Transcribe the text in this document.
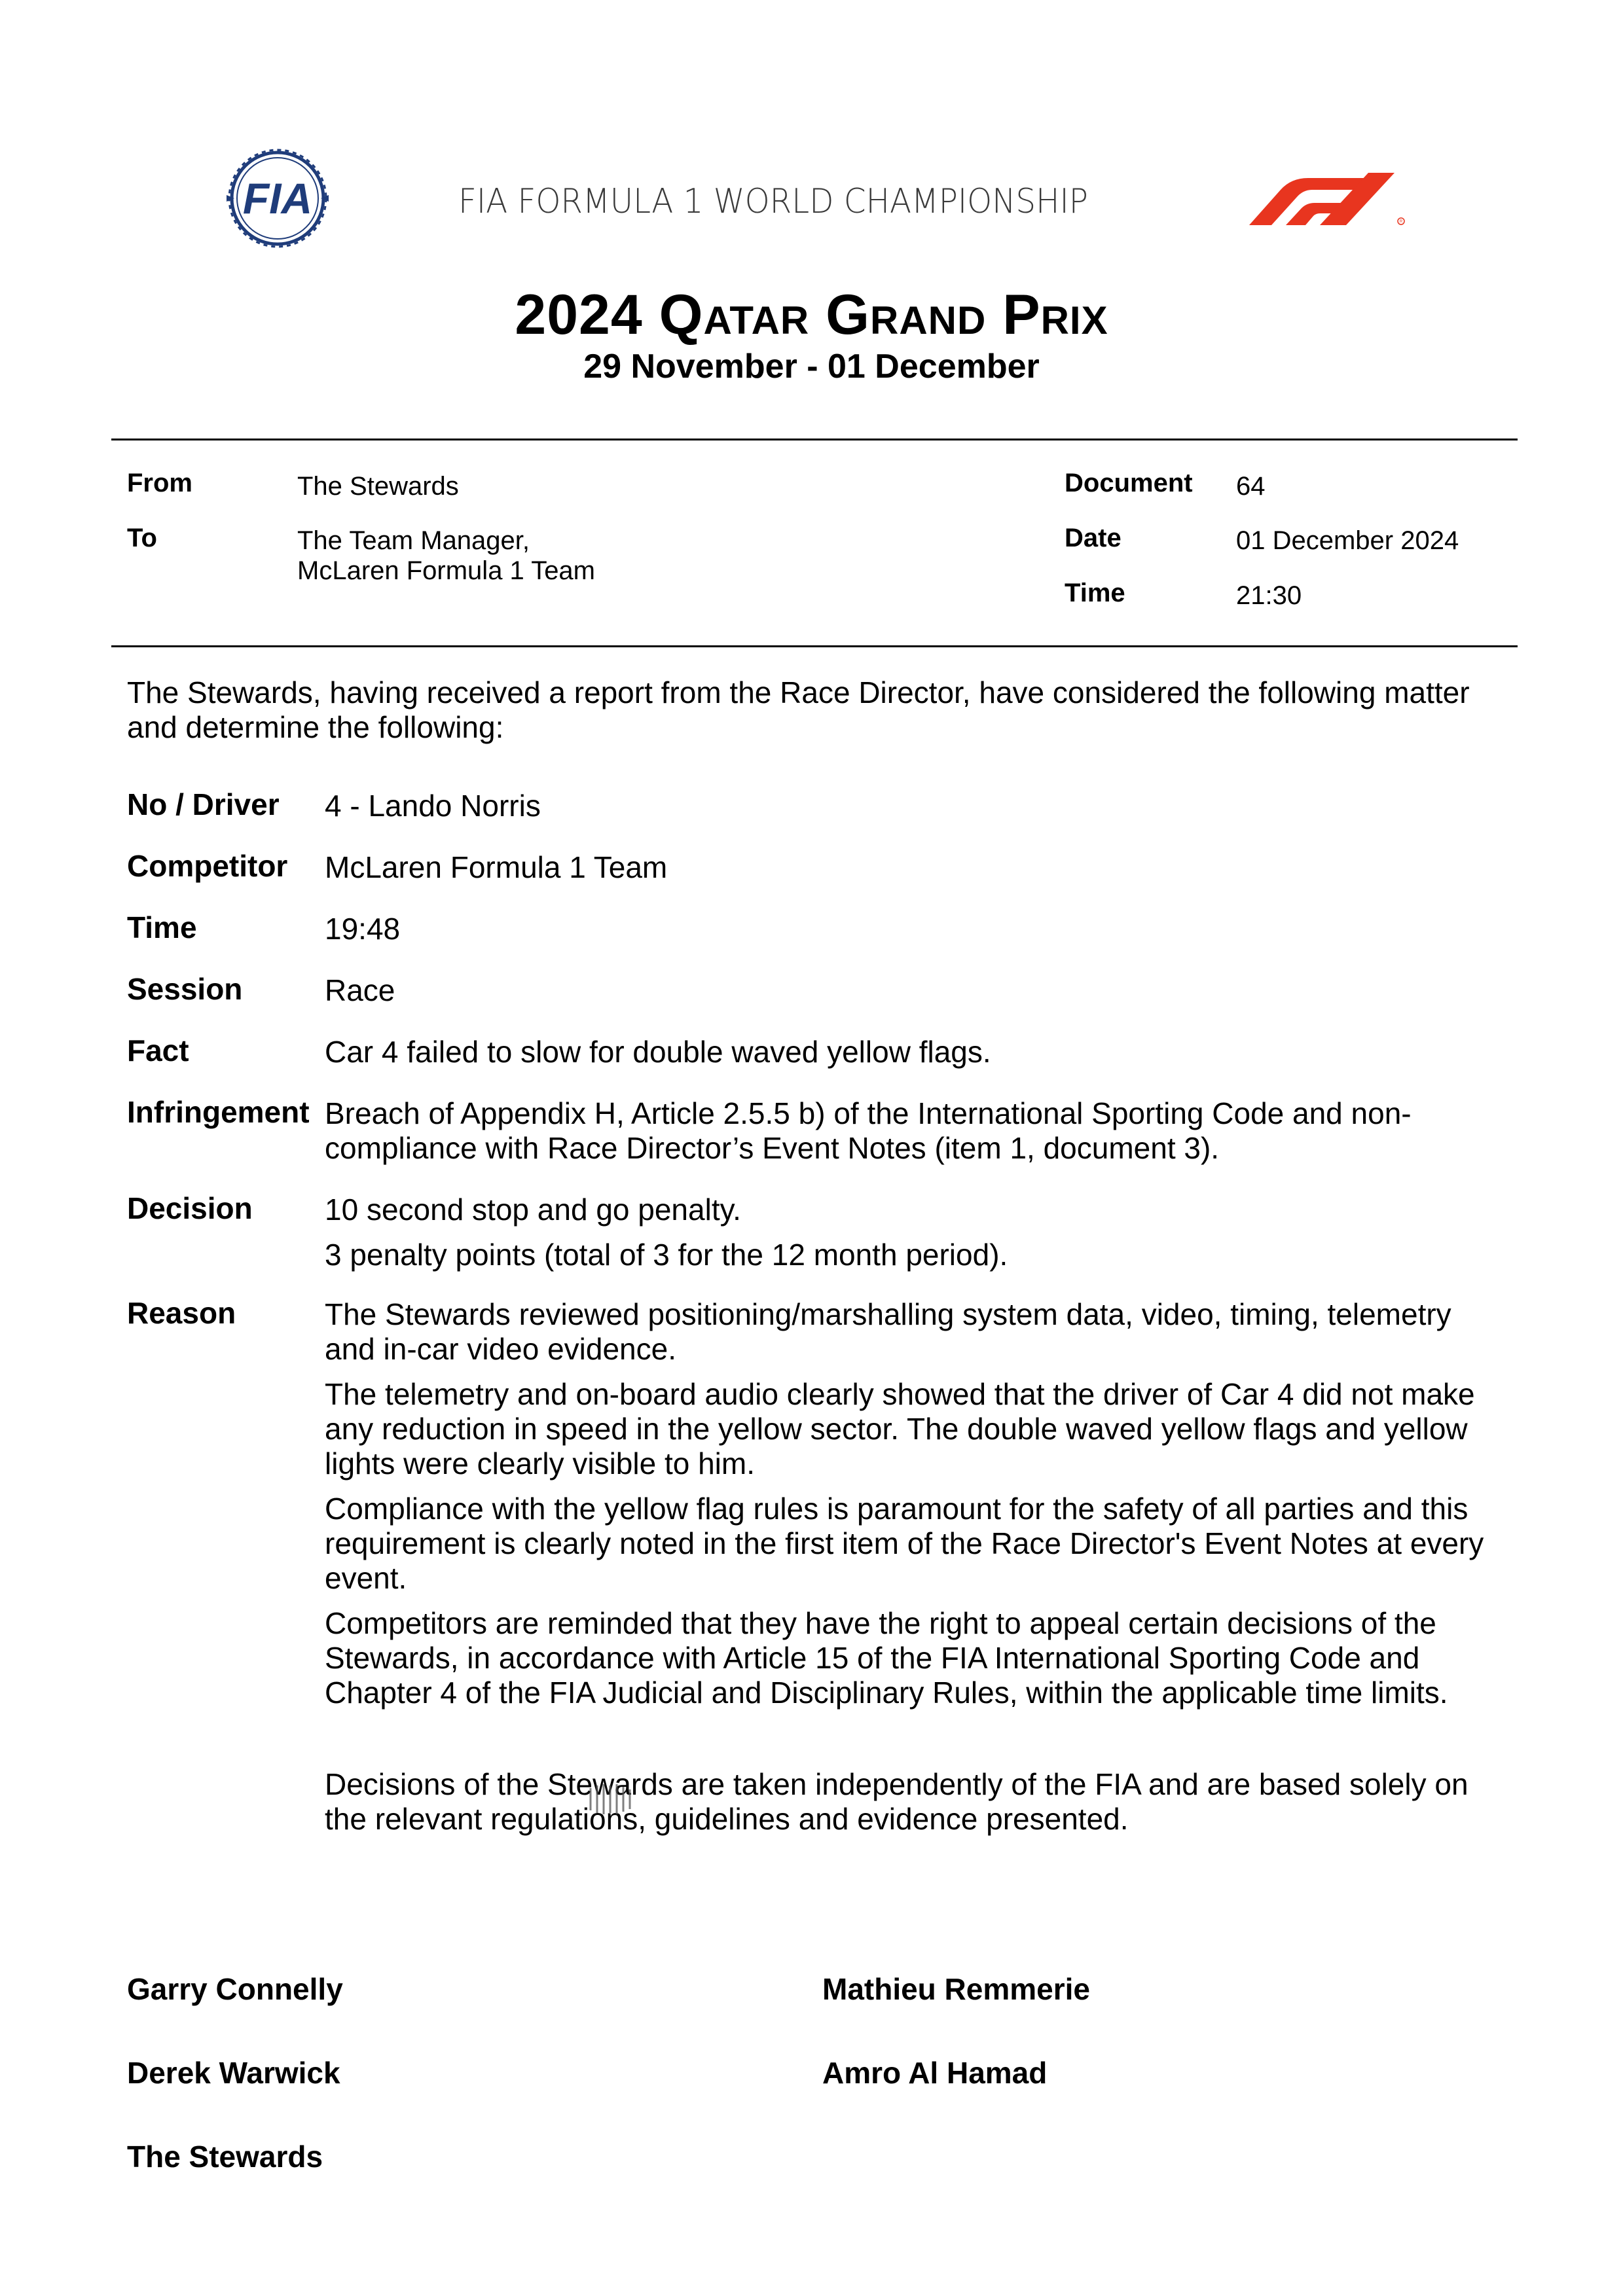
FIA	FIA FORMULA 1 WORLD CHAMPIONSHIP
R
F1
2024 Qatar Grand Prix
29 November - 01 December
From	The Stewards
To	The Team Manager,
McLaren Formula 1 Team
Document 64
Date	01 December 2024
Time	21:30
The Stewards, having received a report from the Race Director, have considered the following matter and determine the following:
No / Driver 4 - Lando Norris
Competitor McLaren Formula 1 Team
Time	19:48
Session	Race
Fact	Car 4 failed to slow for double waved yellow flags.
Infringement Breach of Appendix H, Article 2.5.5 b) of the International Sporting Code and non-compliance with Race Director’s Event Notes (item 1, document 3).
Decision 10 second stop and go penalty.

3 penalty points (total of 3 for the 12 month period).

Reason	The Stewards reviewed positioning/marshalling system data, video, timing, telemetry and in-car video evidence.

The telemetry and on-board audio clearly showed that the driver of Car 4 did not make any reduction in speed in the yellow sector. The double waved yellow flags and yellow lights were clearly visible to him.

Compliance with the yellow flag rules is paramount for the safety of all parties and this requirement is clearly noted in the first item of the Race Director's Event Notes at every event.

Competitors are reminded that they have the right to appeal certain decisions of the Stewards, in accordance with Article 15 of the FIA International Sporting Code and Chapter 4 of the FIA Judicial and Disciplinary Rules, within the applicable time limits.

Decisions of the Stewards are taken independently of the FIA and are based solely on the relevant regulations, guidelines and evidence presented.
Garry Connelly	Mathieu Remmerie
Derek Warwick	Amro Al Hamad
The Stewards
